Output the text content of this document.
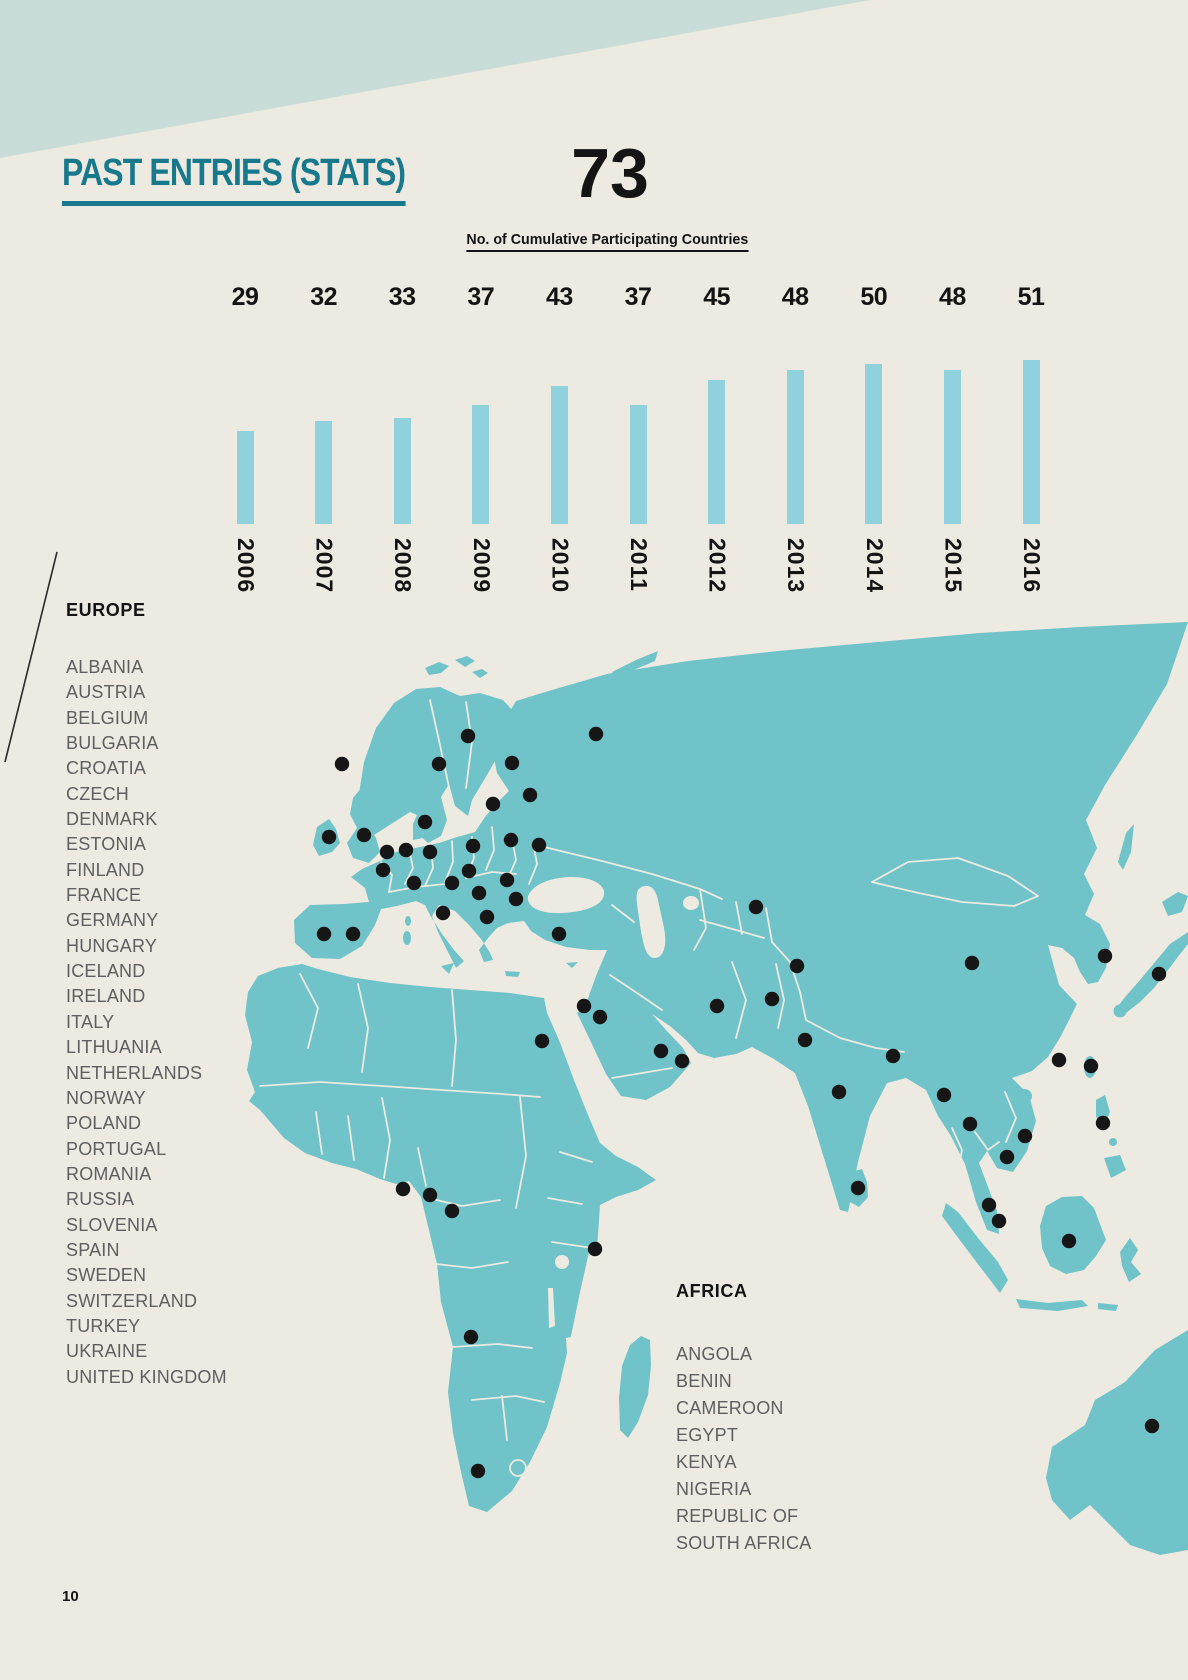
PAST ENTRIES (STATS)	73
No. of Cumulative Participating Countries
29
2006
32
2007
33
2008
37
2009
43
2010
37
2011
45
2012
48
2013
50
2014
48
2015
51
2016
EUROPE
ALBANIA
AUSTRIA
BELGIUM
BULGARIA
CROATIA
CZECH
DENMARK
ESTONIA
FINLAND
FRANCE
GERMANY
HUNGARY
ICELAND
IRELAND
ITALY
LITHUANIA
NETHERLANDS
NORWAY
POLAND
PORTUGAL
ROMANIA
RUSSIA
SLOVENIA
SPAIN
SWEDEN
SWITZERLAND
TURKEY
UKRAINE
UNITED KINGDOM
AFRICA
ANGOLA
BENIN
CAMEROON
EGYPT
KENYA
NIGERIA
REPUBLIC OF SOUTH AFRICA
10
